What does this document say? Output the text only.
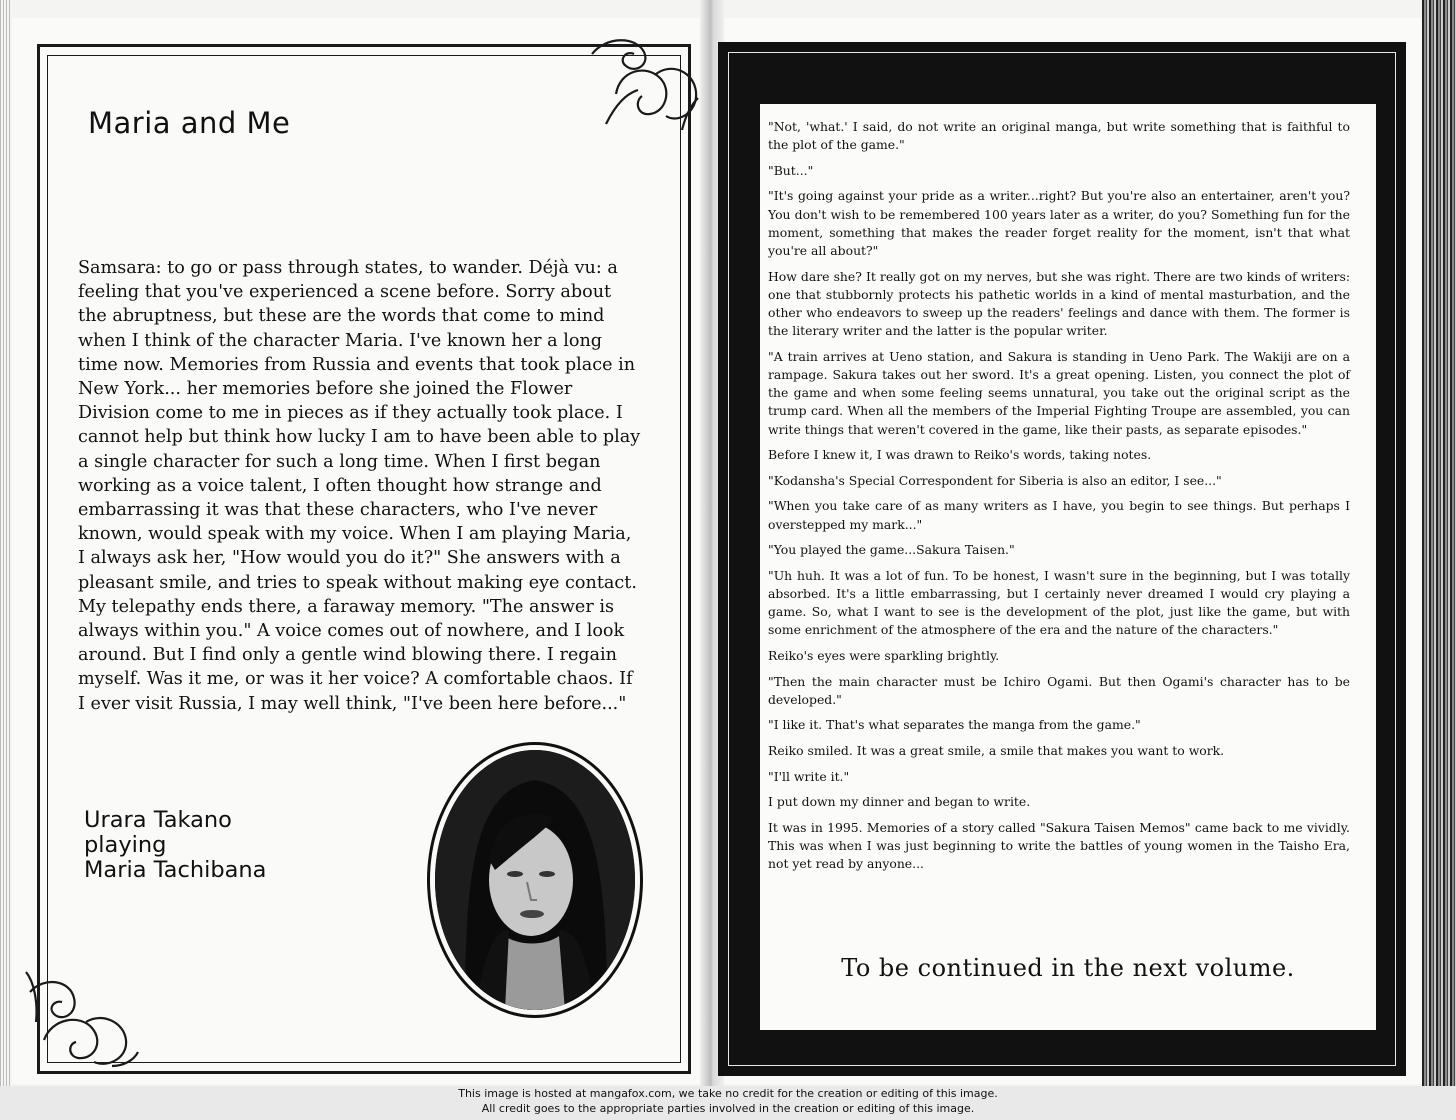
Maria and Me

Samsara: to go or pass through states, to wander. Déjà vu: a feeling that you've experienced a scene before. Sorry about the abruptness, but these are the words that come to mind when I think of the character Maria. I've known her a long time now. Memories from Russia and events that took place in New York... her memories before she joined the Flower Division come to me in pieces as if they actually took place. I cannot help but think how lucky I am to have been able to play a single character for such a long time. When I first began working as a voice talent, I often thought how strange and embarrassing it was that these characters, who I've never known, would speak with my voice. When I am playing Maria, I always ask her, "How would you do it?" She answers with a pleasant smile, and tries to speak without making eye contact. My telepathy ends there, a faraway memory. "The answer is always within you." A voice comes out of nowhere, and I look around. But I find only a gentle wind blowing there. I regain myself. Was it me, or was it her voice? A comfortable chaos. If I ever visit Russia, I may well think, "I've been here before..."

Urara Takano
playing
Maria Tachibana

"Not, 'what.' I said, do not write an original manga, but write something that is faithful to the plot of the game."

"But..."

"It's going against your pride as a writer...right? But you're also an entertainer, aren't you? You don't wish to be remembered 100 years later as a writer, do you? Something fun for the moment, something that makes the reader forget reality for the moment, isn't that what you're all about?"

How dare she? It really got on my nerves, but she was right. There are two kinds of writers: one that stubbornly protects his pathetic worlds in a kind of mental masturbation, and the other who endeavors to sweep up the readers' feelings and dance with them. The former is the literary writer and the latter is the popular writer.

"A train arrives at Ueno station, and Sakura is standing in Ueno Park. The Wakiji are on a rampage. Sakura takes out her sword. It's a great opening. Listen, you connect the plot of the game and when some feeling seems unnatural, you take out the original script as the trump card. When all the members of the Imperial Fighting Troupe are assembled, you can write things that weren't covered in the game, like their pasts, as separate episodes."

Before I knew it, I was drawn to Reiko's words, taking notes.

"Kodansha's Special Correspondent for Siberia is also an editor, I see..."

"When you take care of as many writers as I have, you begin to see things. But perhaps I overstepped my mark..."

"You played the game...Sakura Taisen."

"Uh huh. It was a lot of fun. To be honest, I wasn't sure in the beginning, but I was totally absorbed. It's a little embarrassing, but I certainly never dreamed I would cry playing a game. So, what I want to see is the development of the plot, just like the game, but with some enrichment of the atmosphere of the era and the nature of the characters."

Reiko's eyes were sparkling brightly.

"Then the main character must be Ichiro Ogami. But then Ogami's character has to be developed."

"I like it. That's what separates the manga from the game."

Reiko smiled. It was a great smile, a smile that makes you want to work.

"I'll write it."

I put down my dinner and began to write.

It was in 1995. Memories of a story called "Sakura Taisen Memos" came back to me vividly. This was when I was just beginning to write the battles of young women in the Taisho Era, not yet read by anyone...

To be continued in the next volume.
This image is hosted at mangafox.com, we take no credit for the creation or editing of this image.
All credit goes to the appropriate parties involved in the creation or editing of this image.
